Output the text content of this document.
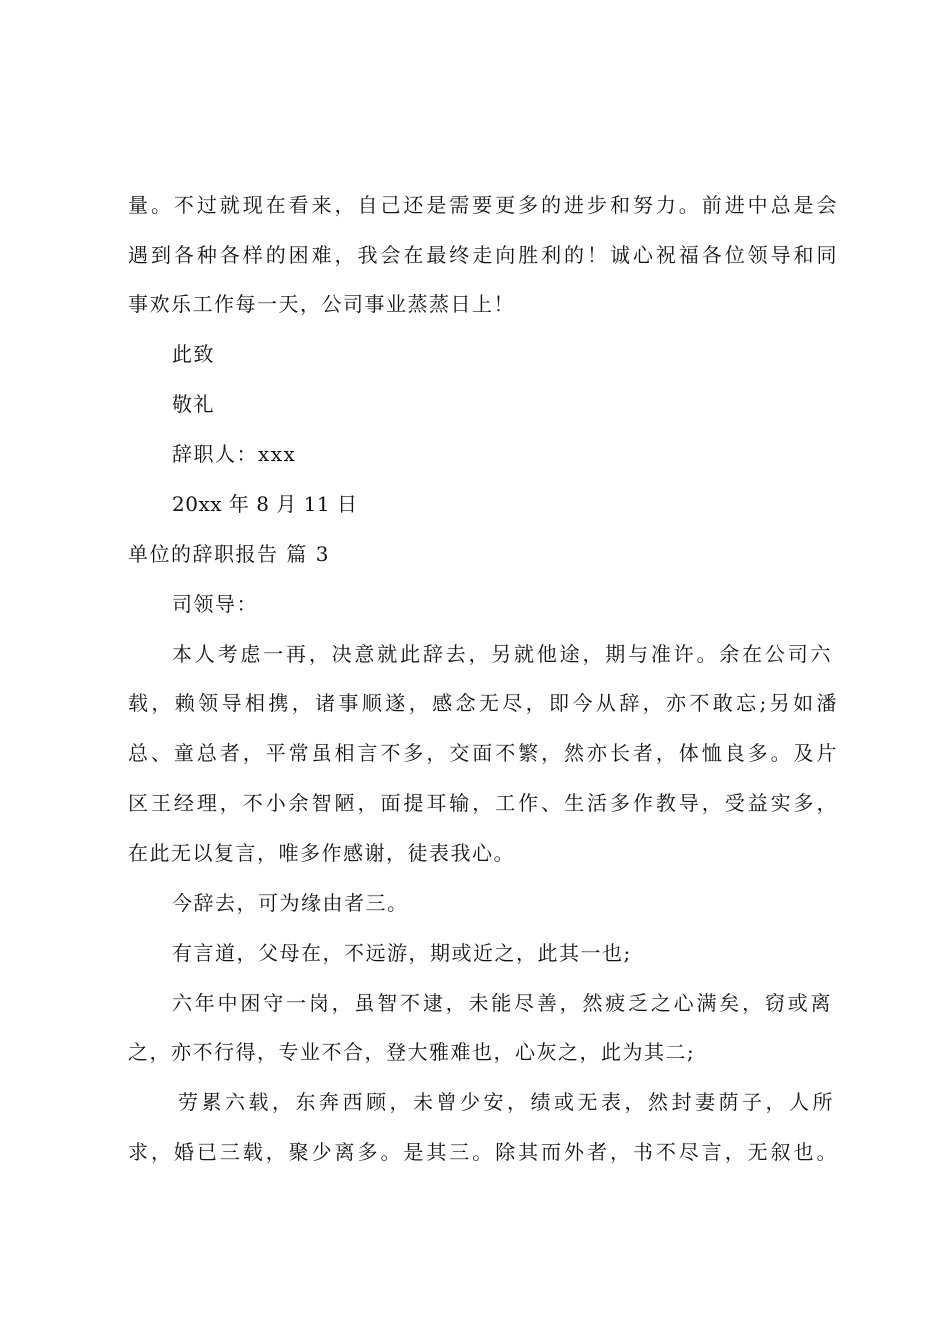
量。不过就现在看来，自己还是需要更多的进步和努力。前进中总是会

遇到各种各样的困难，我会在最终走向胜利的！诚心祝福各位领导和同

事欢乐工作每一天，公司事业蒸蒸日上！

此致

敬礼

辞职人：xxx

20xx 年 8 月 11 日

单位的辞职报告 篇 3

司领导：

本人考虑一再，决意就此辞去，另就他途，期与准许。余在公司六

载，赖领导相携，诸事顺遂，感念无尽，即今从辞，亦不敢忘;另如潘

总、童总者，平常虽相言不多，交面不繁，然亦长者，体恤良多。及片

区王经理，不小余智陋，面提耳输，工作、生活多作教导，受益实多，

在此无以复言，唯多作感谢，徒表我心。

今辞去，可为缘由者三。

有言道，父母在，不远游，期或近之，此其一也;

六年中困守一岗，虽智不逮，未能尽善，然疲乏之心满矣，窃或离

之，亦不行得，专业不合，登大雅难也，心灰之，此为其二;

劳累六载，东奔西顾，未曾少安，绩或无表，然封妻荫子，人所

求，婚已三载，聚少离多。是其三。除其而外者，书不尽言，无叙也。
